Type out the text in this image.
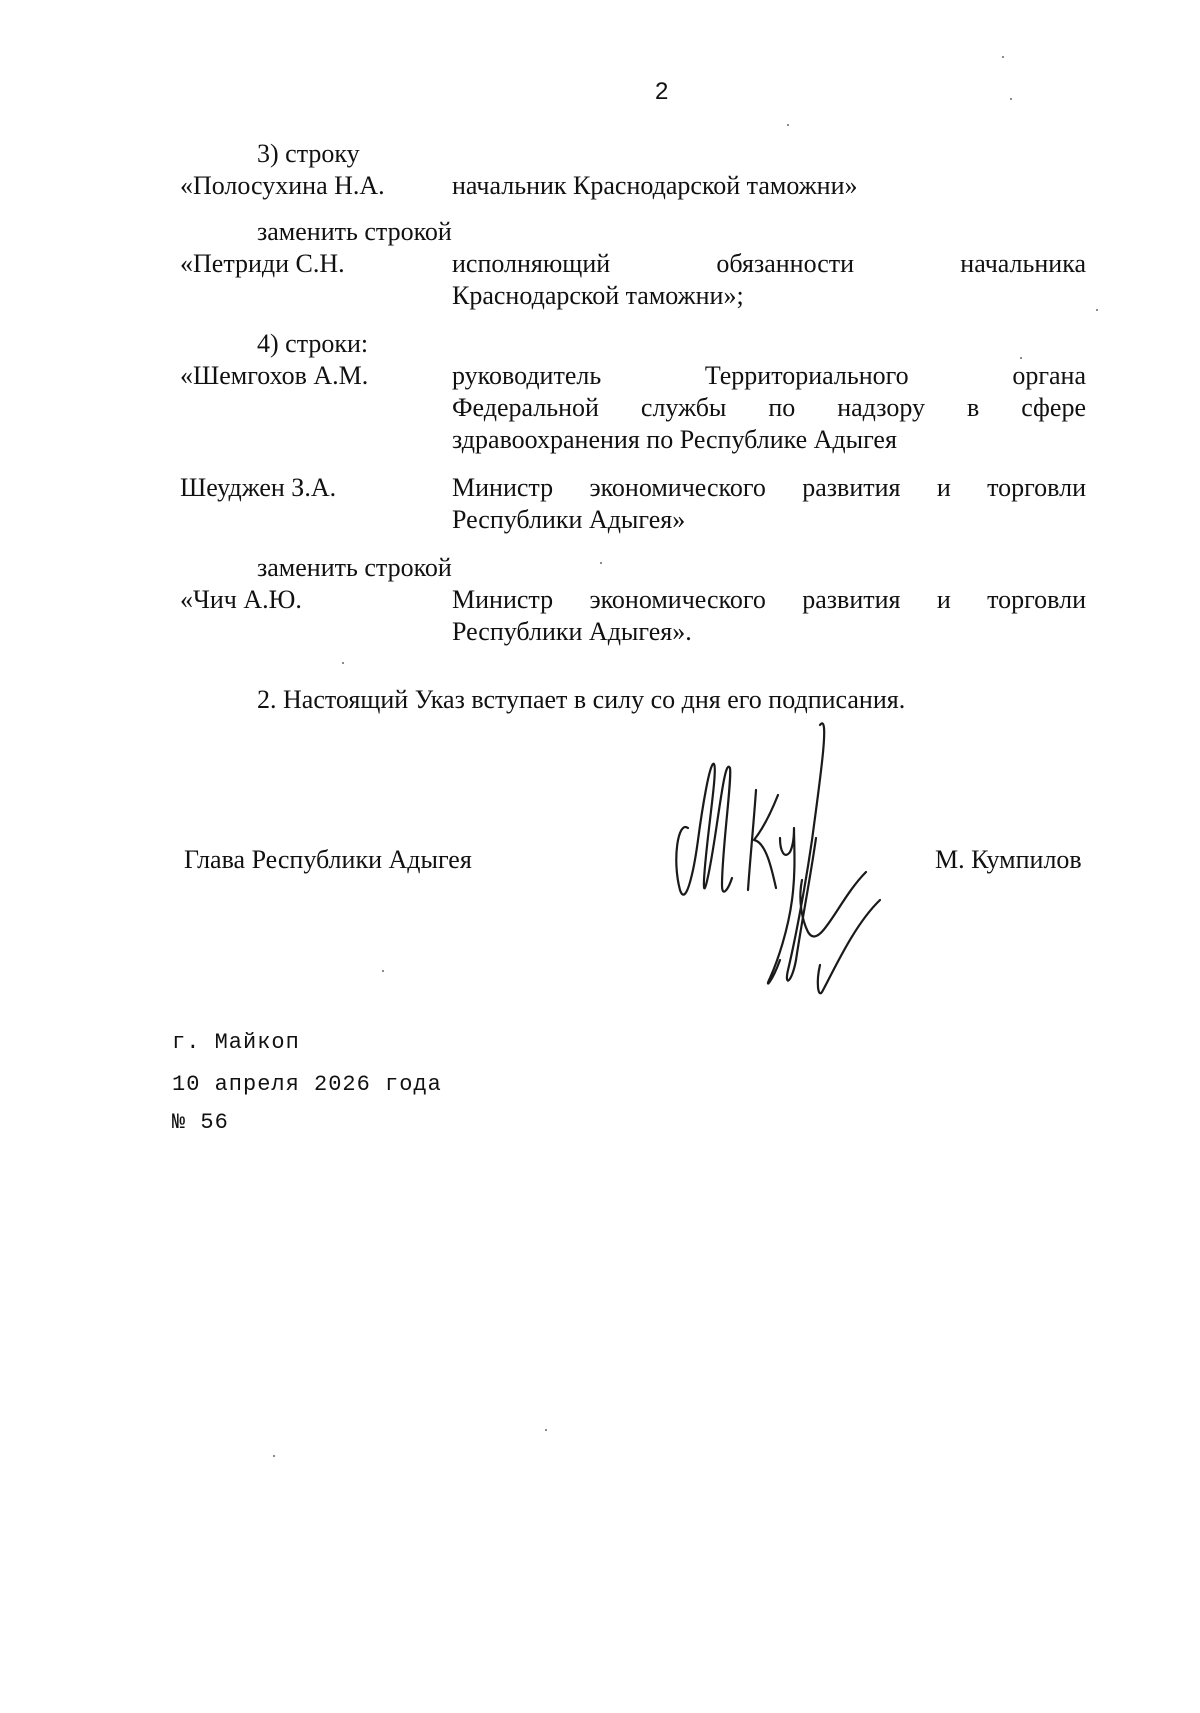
2
3) строку
«Полосухина Н.А.	начальник Краснодарской таможни»
заменить строкой
«Петриди С.Н.	исполняющий обязанности начальника
Краснодарской таможни»;
4) строки:
«Шемгохов А.М.	руководитель Территориального органа
Федеральной службы по надзору в сфере
здравоохранения по Республике Адыгея
Шеуджен З.А.	Министр экономического развития и торговли
Республики Адыгея»
заменить строкой
«Чич А.Ю.	Министр экономического развития и торговли
Республики Адыгея».
2. Настоящий Указ вступает в силу со дня его подписания.
Глава Республики Адыгея	М. Кумпилов
г. Майкоп
10 апреля 2026 года
№ 56
